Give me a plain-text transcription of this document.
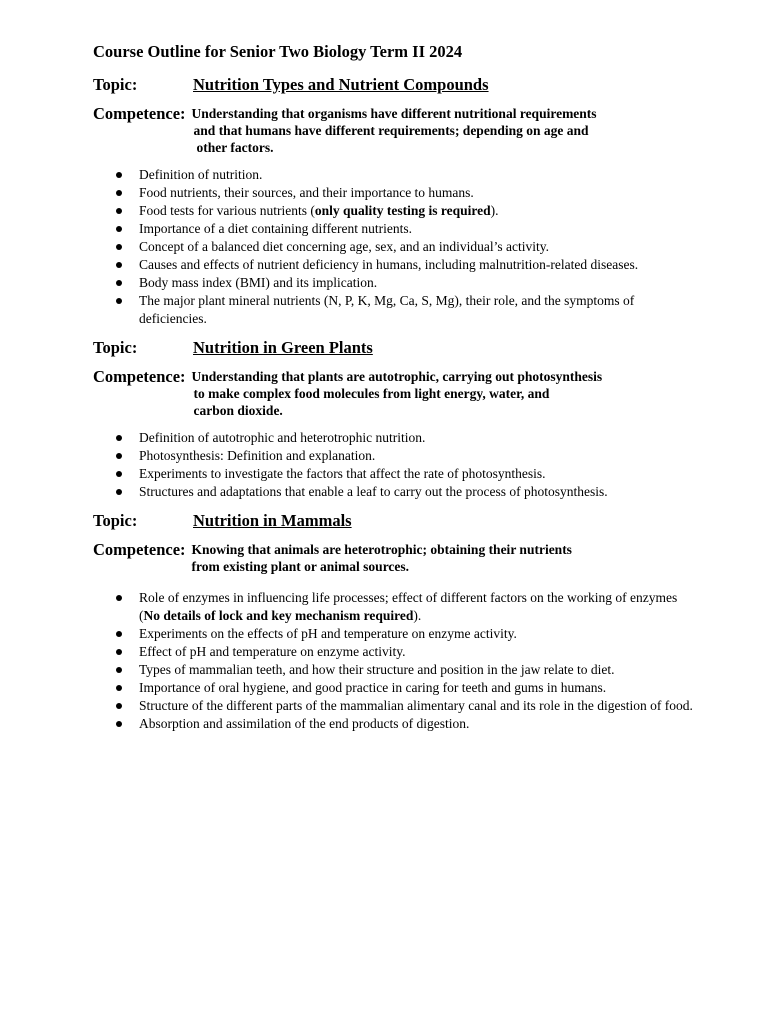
Course Outline for Senior Two Biology Term II 2024
Topic:	Nutrition Types and Nutrient Compounds
Competence: Understanding that organisms have different nutritional requirements
and that humans have different requirements; depending on age and
other factors.
Definition of nutrition.
Food nutrients, their sources, and their importance to humans.
Food tests for various nutrients (only quality testing is required).
Importance of a diet containing different nutrients.
Concept of a balanced diet concerning age, sex, and an individual’s activity.
Causes and effects of nutrient deficiency in humans, including malnutrition-related diseases.
Body mass index (BMI) and its implication.
The major plant mineral nutrients (N, P, K, Mg, Ca, S, Mg), their role, and the symptoms of deficiencies.
Topic:	Nutrition in Green Plants
Competence: Understanding that plants are autotrophic, carrying out photosynthesis
to make complex food molecules from light energy, water, and
carbon dioxide.
Definition of autotrophic and heterotrophic nutrition.
Photosynthesis: Definition and explanation.
Experiments to investigate the factors that affect the rate of photosynthesis.
Structures and adaptations that enable a leaf to carry out the process of photosynthesis.
Topic:	Nutrition in Mammals
Competence: Knowing that animals are heterotrophic; obtaining their nutrients
from existing plant or animal sources.
Role of enzymes in influencing life processes; effect of different factors on the working of enzymes (No details of lock and key mechanism required).
Experiments on the effects of pH and temperature on enzyme activity.
Effect of pH and temperature on enzyme activity.
Types of mammalian teeth, and how their structure and position in the jaw relate to diet.
Importance of oral hygiene, and good practice in caring for teeth and gums in humans.
Structure of the different parts of the mammalian alimentary canal and its role in the digestion of food.
Absorption and assimilation of the end products of digestion.
